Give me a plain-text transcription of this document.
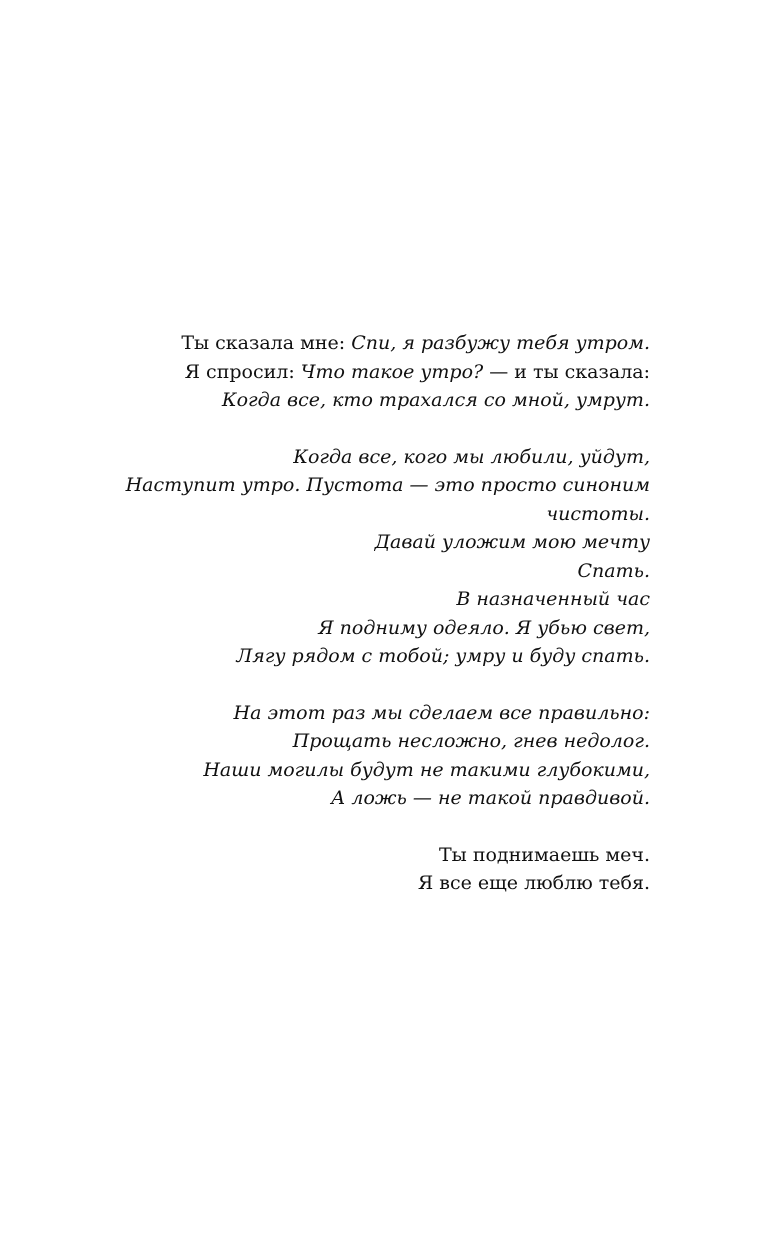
Ты сказала мне: Спи, я разбужу тебя утром.
Я спросил: Что такое утро? — и ты сказала:
Когда все, кто трахался со мной, умрут.
Когда все, кого мы любили, уйдут,
Наступит утро. Пустота — это просто синоним
чистоты.
Давай уложим мою мечту
Спать.
В назначенный час
Я подниму одеяло. Я убью свет,
Лягу рядом с тобой; умру и буду спать.
На этот раз мы сделаем все правильно:
Прощать несложно, гнев недолог.
Наши могилы будут не такими глубокими,
А ложь — не такой правдивой.
Ты поднимаешь меч.
Я все еще люблю тебя.
